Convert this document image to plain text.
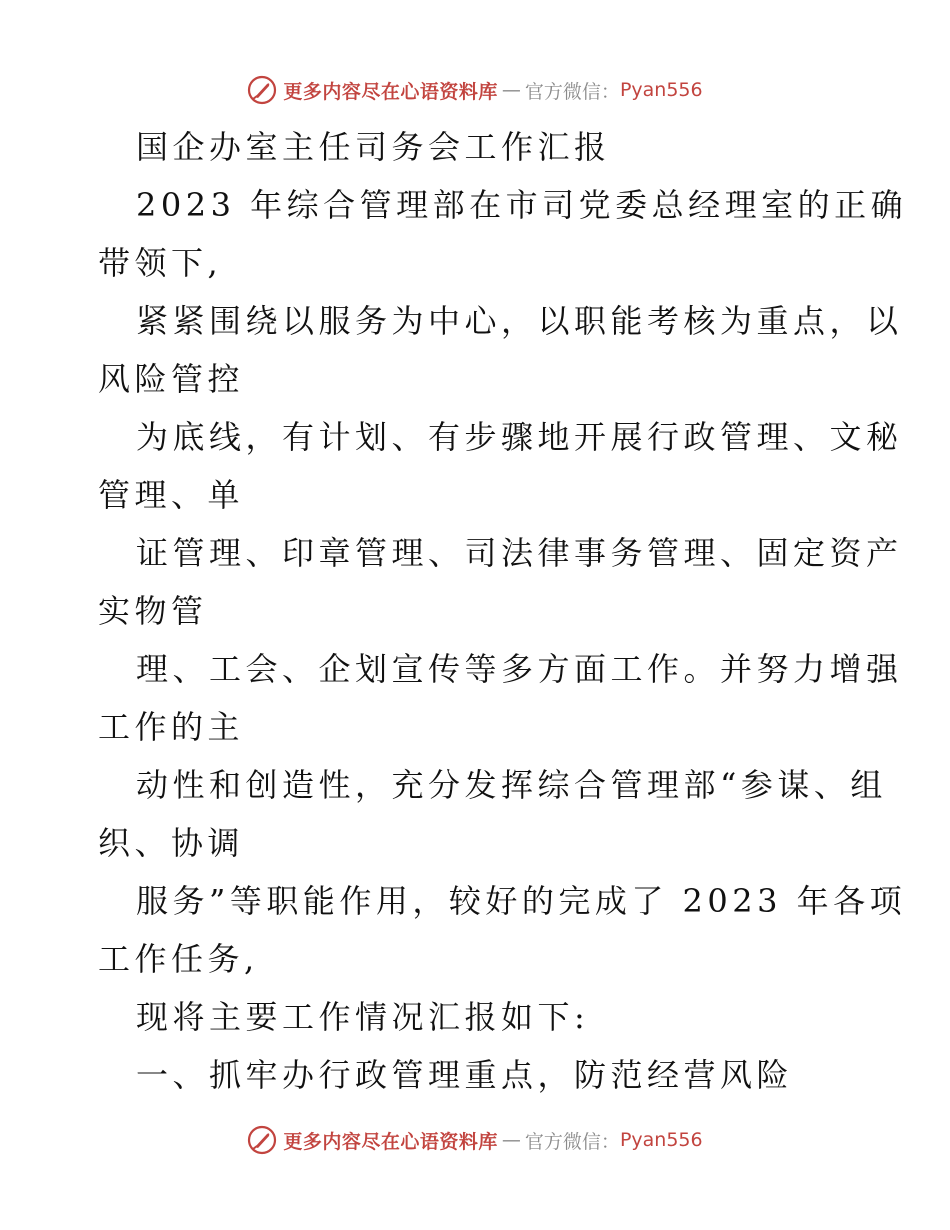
更多内容尽在心语资料库 — 官方微信： Pyan556
国企办室主任司务会工作汇报
2023 年综合管理部在市司党委总经理室的正确
带领下,
紧紧围绕以服务为中心，以职能考核为重点，以
风险管控
为底线，有计划、有步骤地开展行政管理、文秘
管理、单
证管理、印章管理、司法律事务管理、固定资产
实物管
理、工会、企划宣传等多方面工作。并努力增强
工作的主
动性和创造性，充分发挥综合管理部“参谋、组
织、协调
服务”等职能作用，较好的完成了 2023 年各项
工作任务,
现将主要工作情况汇报如下:
一、抓牢办行政管理重点，防范经营风险
更多内容尽在心语资料库 — 官方微信： Pyan556
